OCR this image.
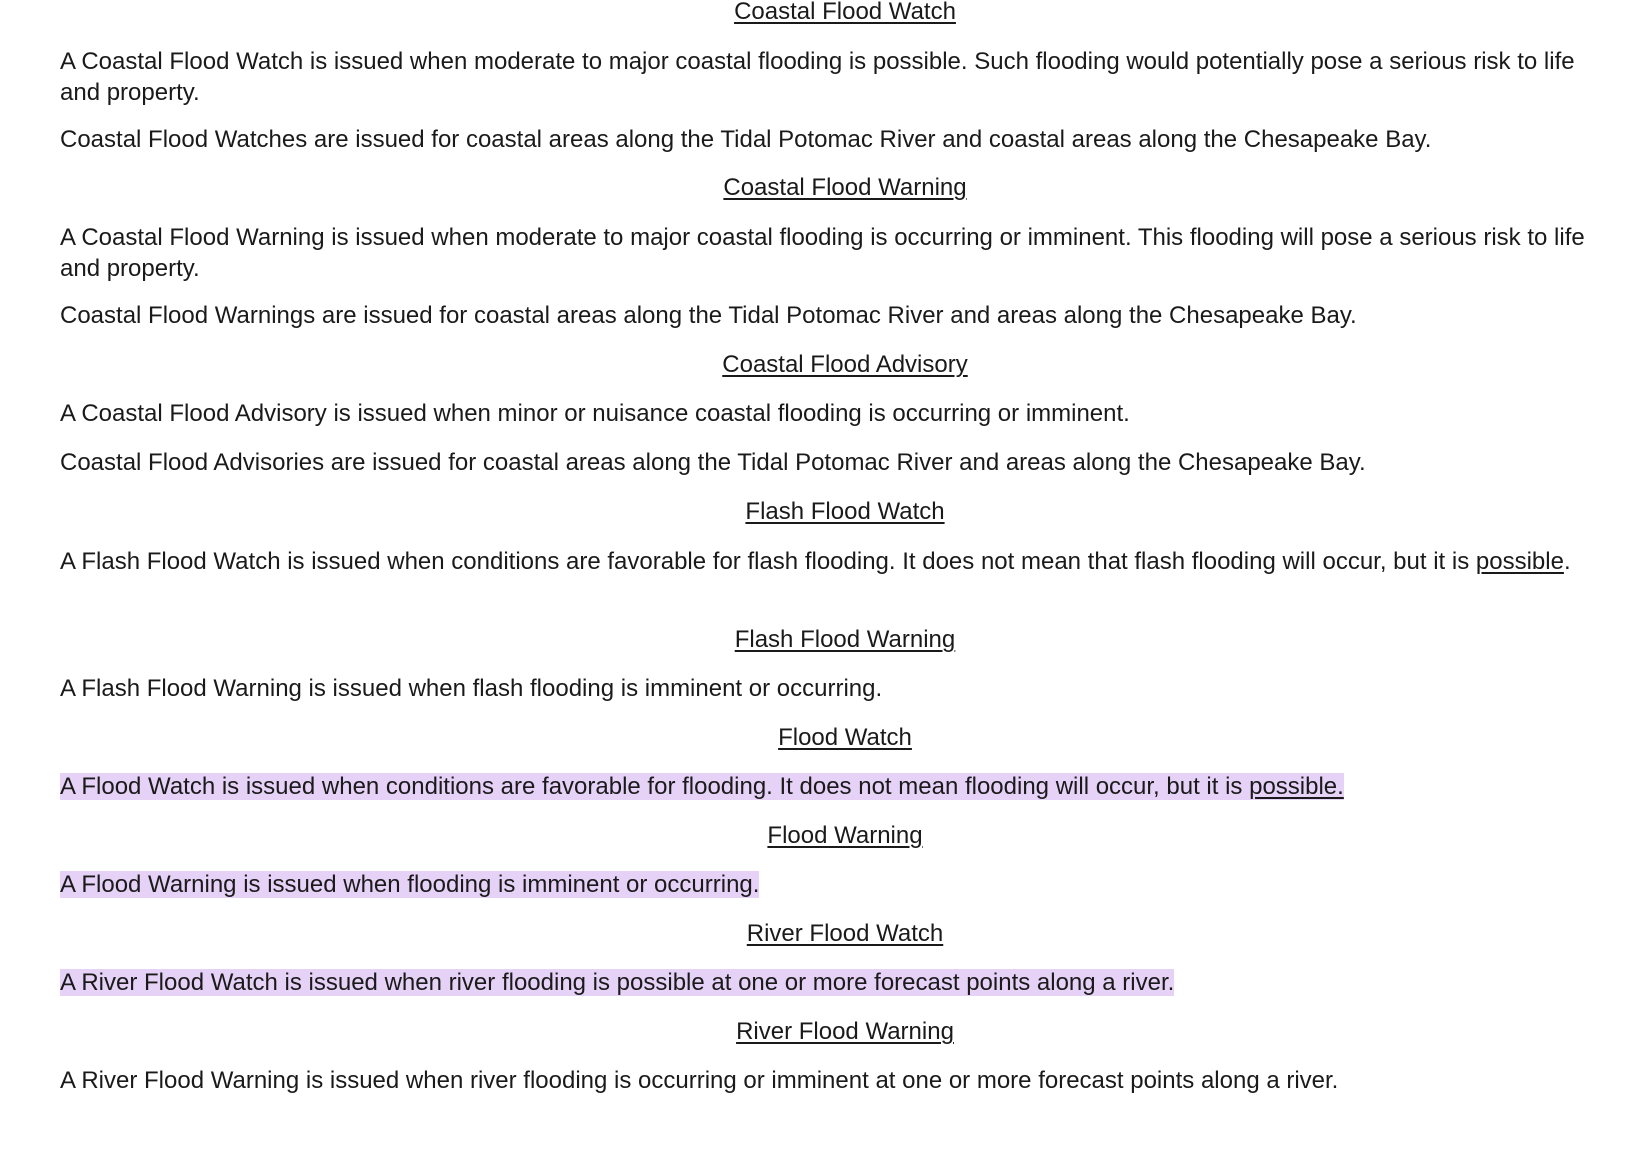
Coastal Flood Watch

A Coastal Flood Watch is issued when moderate to major coastal flooding is possible. Such flooding would potentially pose a serious risk to life and property.

Coastal Flood Watches are issued for coastal areas along the Tidal Potomac River and coastal areas along the Chesapeake Bay.

Coastal Flood Warning

A Coastal Flood Warning is issued when moderate to major coastal flooding is occurring or imminent. This flooding will pose a serious risk to life and property.

Coastal Flood Warnings are issued for coastal areas along the Tidal Potomac River and areas along the Chesapeake Bay.

Coastal Flood Advisory

A Coastal Flood Advisory is issued when minor or nuisance coastal flooding is occurring or imminent.

Coastal Flood Advisories are issued for coastal areas along the Tidal Potomac River and areas along the Chesapeake Bay.

Flash Flood Watch

A Flash Flood Watch is issued when conditions are favorable for flash flooding. It does not mean that flash flooding will occur, but it is possible.

Flash Flood Warning

A Flash Flood Warning is issued when flash flooding is imminent or occurring.

Flood Watch

A Flood Watch is issued when conditions are favorable for flooding. It does not mean flooding will occur, but it is possible.

Flood Warning

A Flood Warning is issued when flooding is imminent or occurring.

River Flood Watch

A River Flood Watch is issued when river flooding is possible at one or more forecast points along a river.

River Flood Warning

A River Flood Warning is issued when river flooding is occurring or imminent at one or more forecast points along a river.
